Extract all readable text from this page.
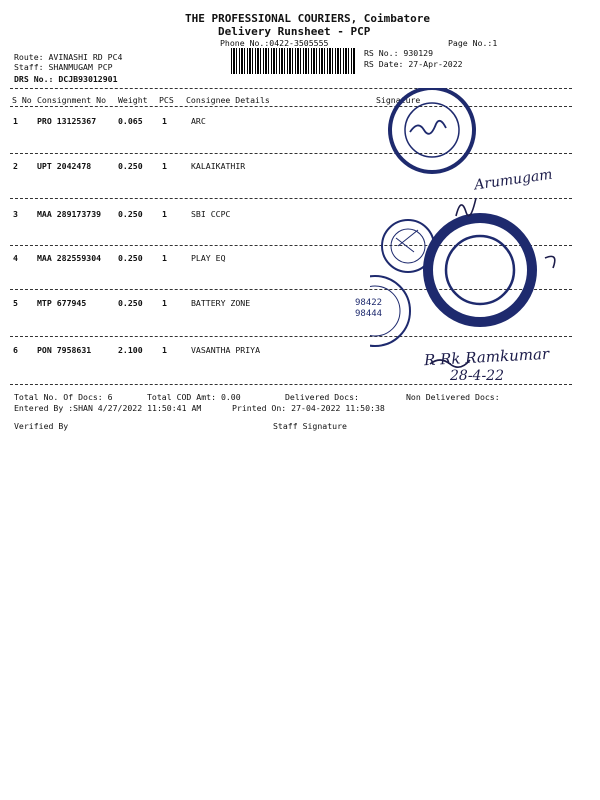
THE PROFESSIONAL COURIERS, Coimbatore
Delivery Runsheet - PCP
Phone No.:0422-3505555	Page No.:1
Route: AVINASHI RD PC4
Staff: SHANMUGAM PCP
DRS No.: DCJB93012901
RS No.: 930129
RS Date: 27-Apr-2022
S No Consignment No Weight PCS Consignee Details	Signature
1 PRO 13125367	0.065 1	ARC
2 UPT 2042478	0.250 1	KALAIKATHIR
3 MAA 289173739 0.250 1	SBI CCPC
4 MAA 282559304 0.250 1	PLAY EQ
5 MTP 677945	0.250 1	BATTERY ZONE
6 PON 7958631	2.100 1	VASANTHA PRIYA
Arumugam
98422
98444
R Rk Ramkumar
28-4-22
Total No. Of Docs: 6	Total COD Amt: 0.00	Delivered Docs:	Non Delivered Docs:
Entered By :SHAN 4/27/2022 11:50:41 AM	Printed On: 27-04-2022 11:50:38
Verified By	Staff Signature
